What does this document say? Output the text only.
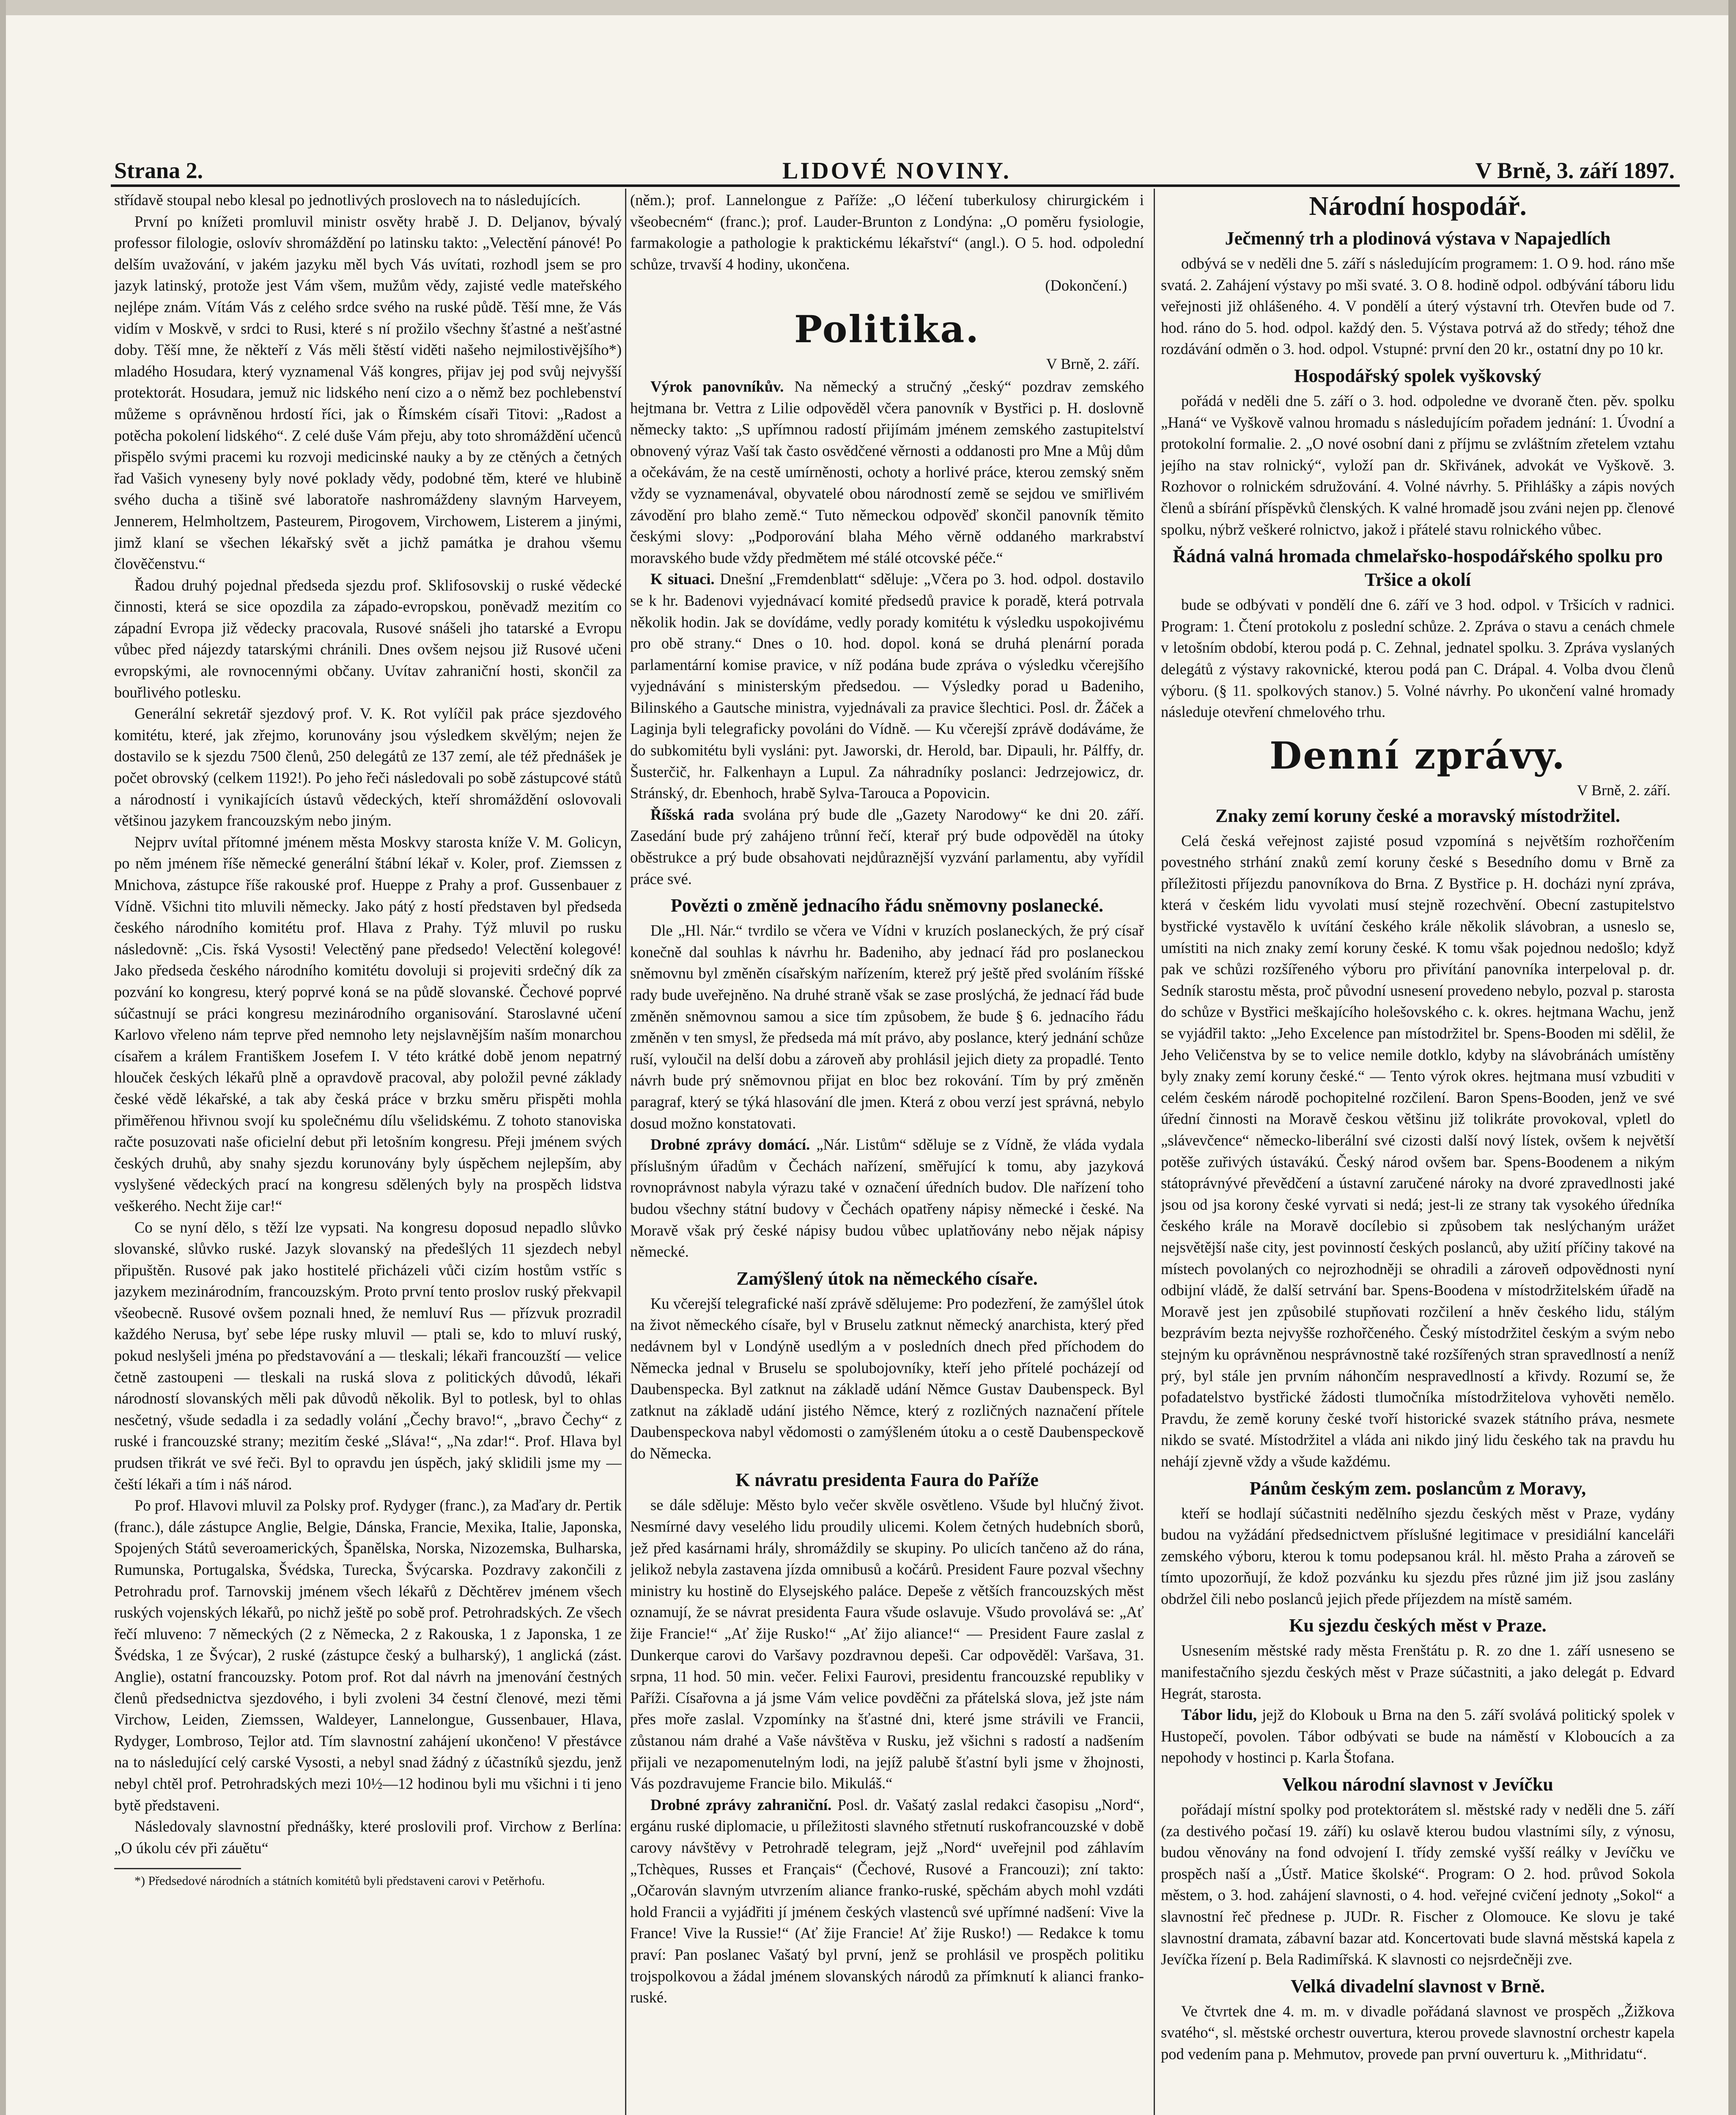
Strana 2.	LIDOVÉ NOVINY.	V Brně, 3. září 1897.

střídavě stoupal nebo klesal po jednotlivých proslovech na to následujících.

První po knížeti promluvil ministr osvěty hrabě J. D. Deljanov, bývalý professor filologie, oslovív shromáždění po latinsku takto: „Velectění pánové! Po delším uvažování, v jakém jazyku měl bych Vás uvítati, rozhodl jsem se pro jazyk latinský, protože jest Vám všem, mužům vědy, zajisté vedle mateřského nejlépe znám. Vítám Vás z celého srdce svého na ruské půdě. Těší mne, že Vás vidím v Moskvě, v srdci to Rusi, které s ní prožilo všechny šťastné a nešťastné doby. Těší mne, že někteří z Vás měli štěstí viděti našeho nejmilostivějšího*) mladého Hosudara, který vyznamenal Váš kongres, přijav jej pod svůj nejvyšší protektorát. Hosudara, jemuž nic lidského není cizo a o němž bez pochlebenství můžeme s oprávněnou hrdostí říci, jak o Římském císaři Titovi: „Radost a potěcha pokolení lidského“. Z celé duše Vám přeju, aby toto shromáždění učenců přispělo svými pracemi ku rozvoji medicinské nauky a by ze ctěných a četných řad Vašich vyneseny byly nové poklady vědy, podobné těm, které ve hlubině svého ducha a tišině své laboratoře nashromáždeny slavným Harveyem, Jennerem, Helmholtzem, Pasteurem, Pirogovem, Virchowem, Listerem a jinými, jimž klaní se všechen lékařský svět a jichž památka je drahou všemu člověčenstvu.“

Řadou druhý pojednal předseda sjezdu prof. Sklifosovskij o ruské vědecké činnosti, která se sice opozdila za západo-evropskou, poněvadž mezitím co západní Evropa již vědecky pracovala, Rusové snášeli jho tatarské a Evropu vůbec před nájezdy tatarskými chránili. Dnes ovšem nejsou již Rusové učeni evropskými, ale rovnocennými občany. Uvítav zahraniční hosti, skončil za bouřlivého potlesku.

Generální sekretář sjezdový prof. V. K. Rot vylíčil pak práce sjezdového komitétu, které, jak zřejmo, korunovány jsou výsledkem skvělým; nejen že dostavilo se k sjezdu 7500 členů, 250 delegátů ze 137 zemí, ale též přednášek je počet obrovský (celkem 1192!). Po jeho řeči následovali po sobě zástupcové států a národností i vynikajících ústavů vědeckých, kteří shromáždění oslovovali většinou jazykem francouzským nebo jiným.

Nejprv uvítal přítomné jménem města Moskvy starosta kníže V. M. Golicyn, po něm jménem říše německé generální štábní lékař v. Koler, prof. Ziemssen z Mnichova, zástupce říše rakouské prof. Hueppe z Prahy a prof. Gussenbauer z Vídně. Všichni tito mluvili německy. Jako pátý z hostí představen byl předseda českého národního komitétu prof. Hlava z Prahy. Týž mluvil po rusku následovně: „Cis. řská Vysosti! Velectěný pane předsedo! Velectění kolegové! Jako předseda českého národního komitétu dovoluji si projeviti srdečný dík za pozvání ko kongresu, který poprvé koná se na půdě slovanské. Čechové poprvé súčastnují se práci kongresu mezinárodního organisování. Staroslavné učení Karlovo vřeleno nám teprve před nemnoho lety nejslavnějším naším monarchou císařem a králem Františkem Josefem I. V této krátké době jenom nepatrný hlouček českých lékařů plně a opravdově pracoval, aby položil pevné základy české vědě lékařské, a tak aby česká práce v brzku směru přispěti mohla přiměřenou hřivnou svojí ku společnému dílu všelidskému. Z tohoto stanoviska račte posuzovati naše oficielní debut při letošním kongresu. Přeji jménem svých českých druhů, aby snahy sjezdu korunovány byly úspěchem nejlepším, aby vyslyšené vědeckých prací na kongresu sdělených byly na prospěch lidstva veškerého. Necht žije car!“

Co se nyní dělo, s těží lze vypsati. Na kongresu doposud nepadlo slůvko slovanské, slůvko ruské. Jazyk slovanský na předešlých 11 sjezdech nebyl připuštěn. Rusové pak jako hostitelé přicházeli vůči cizím hostům vstříc s jazykem mezinárodním, francouzským. Proto první tento proslov ruský překvapil všeobecně. Rusové ovšem poznali hned, že nemluví Rus — přízvuk prozradil každého Nerusa, byť sebe lépe rusky mluvil — ptali se, kdo to mluví ruský, pokud neslyšeli jména po představování a — tleskali; lékaři francouzští — velice četně zastoupeni — tleskali na ruská slova z politických důvodů, lékaři národností slovanských měli pak důvodů několik. Byl to potlesk, byl to ohlas nesčetný, všude sedadla i za sedadly volání „Čechy bravo!“, „bravo Čechy“ z ruské i francouzské strany; mezitím české „Sláva!“, „Na zdar!“. Prof. Hlava byl prudsen třikrát ve své řeči. Byl to opravdu jen úspěch, jaký sklidili jsme my — čeští lékaři a tím i náš národ.

Po prof. Hlavovi mluvil za Polsky prof. Rydyger (franc.), za Maďary dr. Pertik (franc.), dále zástupce Anglie, Belgie, Dánska, Francie, Mexika, Italie, Japonska, Spojených Států severoamerických, Španělska, Norska, Nizozemska, Bulharska, Rumunska, Portugalska, Švédska, Turecka, Švýcarska. Pozdravy zakončili z Petrohradu prof. Tarnovskij jménem všech lékařů z Děchtěrev jménem všech ruských vojenských lékařů, po nichž ještě po sobě prof. Petrohradských. Ze všech řečí mluveno: 7 německých (2 z Německa, 2 z Rakouska, 1 z Japonska, 1 ze Švédska, 1 ze Švýcar), 2 ruské (zástupce český a bulharský), 1 anglická (zást. Anglie), ostatní francouzsky. Potom prof. Rot dal návrh na jmenování čestných členů předsednictva sjezdového, i byli zvoleni 34 čestní členové, mezi těmi Virchow, Leiden, Ziemssen, Waldeyer, Lannelongue, Gussenbauer, Hlava, Rydyger, Lombroso, Tejlor atd. Tím slavnostní zahájení ukončeno! V přestávce na to následující celý carské Vysosti, a nebyl snad žádný z účastníků sjezdu, jenž nebyl chtěl prof. Petrohradských mezi 10½—12 hodinou byli mu všichni i ti jeno bytě představeni.

Následovaly slavnostní přednášky, které proslovili prof. Virchow z Berlína: „O úkolu cév při záuětu“

*) Předsedové národních a státních komitétů byli představeni carovi v Petěrhofu.

(něm.); prof. Lannelongue z Paříže: „O léčení tuberkulosy chirurgickém i všeobecném“ (franc.); prof. Lauder-Brunton z Londýna: „O poměru fysiologie, farmakologie a pathologie k praktickému lékařství“ (angl.). O 5. hod. odpolední schůze, trvavší 4 hodiny, ukončena.

(Dokončení.)

Politika.
V Brně, 2. září.

Výrok panovníkův. Na německý a stručný „český“ pozdrav zemského hejtmana br. Vettra z Lilie odpověděl včera panovník v Bystřici p. H. doslovně německy takto: „S upřímnou radostí přijímám jménem zemského zastupitelství obnovený výraz Vaší tak často osvědčené věrnosti a oddanosti pro Mne a Můj dům a očekávám, že na cestě umírněnosti, ochoty a horlivé práce, kterou zemský sněm vždy se vyznamenával, obyvatelé obou národností země se sejdou ve smiřlivém závodění pro blaho země.“ Tuto německou odpověď skončil panovník těmito českými slovy: „Podporování blaha Mého věrně oddaného markrabství moravského bude vždy předmětem mé stálé otcovské péče.“

K situaci. Dnešní „Fremdenblatt“ sděluje: „Včera po 3. hod. odpol. dostavilo se k hr. Badenovi vyjednávací komité předsedů pravice k poradě, která potrvala několik hodin. Jak se dovídáme, vedly porady komitétu k výsledku uspokojivému pro obě strany.“ Dnes o 10. hod. dopol. koná se druhá plenární porada parlamentární komise pravice, v níž podána bude zpráva o výsledku včerejšího vyjednávání s ministerským předsedou. — Výsledky porad u Badeniho, Bilinského a Gautsche ministra, vyjednávali za pravice šlechtici. Posl. dr. Žáček a Laginja byli telegraficky povoláni do Vídně. — Ku včerejší zprávě dodáváme, že do subkomitétu byli vysláni: pyt. Jaworski, dr. Herold, bar. Dipauli, hr. Pálffy, dr. Šusterčič, hr. Falkenhayn a Lupul. Za náhradníky poslanci: Jedrzejowicz, dr. Stránský, dr. Ebenhoch, hrabě Sylva-Tarouca a Popovicin.

Říšská rada svolána prý bude dle „Gazety Narodowy“ ke dni 20. září. Zasedání bude prý zahájeno trůnní řečí, kterař prý bude odpověděl na útoky oběstrukce a prý bude obsahovati nejdůraznější vyzvání parlamentu, aby vyřídil práce své.

Povězti o změně jednacího řádu sněmovny poslanecké.

Dle „Hl. Nár.“ tvrdilo se včera ve Vídni v kruzích poslaneckých, že prý císař konečně dal souhlas k návrhu hr. Badeniho, aby jednací řád pro poslaneckou sněmovnu byl změněn císařským nařízením, kterež prý ještě před svoláním říšské rady bude uveřejněno. Na druhé straně však se zase proslýchá, že jednací řád bude změněn sněmovnou samou a sice tím způsobem, že bude § 6. jednacího řádu změněn v ten smysl, že předseda má mít právo, aby poslance, který jednání schůze ruší, vyloučil na delší dobu a zároveň aby prohlásil jejich diety za propadlé. Tento návrh bude prý sněmovnou přijat en bloc bez rokování. Tím by prý změněn paragraf, který se týká hlasování dle jmen. Která z obou verzí jest správná, nebylo dosud možno konstatovati.

Drobné zprávy domácí. „Nár. Listům“ sděluje se z Vídně, že vláda vydala příslušným úřadům v Čechách nařízení, směřující k tomu, aby jazyková rovnoprávnost nabyla výrazu také v označení úředních budov. Dle nařízení toho budou všechny státní budovy v Čechách opatřeny nápisy německé i české. Na Moravě však prý české nápisy budou vůbec uplatňovány nebo nějak nápisy německé.

Zamýšlený útok na německého císaře.

Ku včerejší telegrafické naší zprávě sdělujeme: Pro podezření, že zamýšlel útok na život německého císaře, byl v Bruselu zatknut německý anarchista, který před nedávnem byl v Londýně usedlým a v posledních dnech před příchodem do Německa jednal v Bruselu se spolubojovníky, kteří jeho přítelé pocházejí od Daubenspecka. Byl zatknut na základě udání Němce Gustav Daubenspeck. Byl zatknut na základě udání jistého Němce, který z rozličných naznačení přítele Daubenspeckova nabyl vědomosti o zamýšleném útoku a o cestě Daubenspeckově do Německa.

K návratu presidenta Faura do Paříže

se dále sděluje: Město bylo večer skvěle osvětleno. Všude byl hlučný život. Nesmírné davy veselého lidu proudily ulicemi. Kolem četných hudebních sborů, jež před kasárnami hrály, shromáždily se skupiny. Po ulicích tančeno až do rána, jelikož nebyla zastavena jízda omnibusů a kočárů. President Faure pozval všechny ministry ku hostině do Elysejského paláce. Depeše z větších francouzských měst oznamují, že se návrat presidenta Faura všude oslavuje. Všudo provolává se: „Ať žije Francie!“ „Ať žije Rusko!“ „Ať žijo aliance!“ — President Faure zaslal z Dunkerque carovi do Varšavy pozdravnou depeši. Car odpověděl: Varšava, 31. srpna, 11 hod. 50 min. večer. Felixi Faurovi, presidentu francouzské republiky v Paříži. Císařovna a já jsme Vám velice povděčni za přátelská slova, jež jste nám přes moře zaslal. Vzpomínky na šťastné dni, které jsme strávili ve Francii, zůstanou nám drahé a Vaše návštěva v Rusku, jež všichni s radostí a nadšením přijali ve nezapomenutelným lodi, na jejíž palubě šťastní byli jsme v žhojnosti, Vás pozdravujeme Francie bilo. Mikuláš.“

Drobné zprávy zahraniční. Posl. dr. Vašatý zaslal redakci časopisu „Nord“, ergánu ruské diplomacie, u příležitosti slavného střetnutí ruskofrancouzské v době carovy návštěvy v Petrohradě telegram, jejž „Nord“ uveřejnil pod záhlavím „Tchèques, Russes et Français“ (Čechové, Rusové a Francouzi); zní takto: „Očarován slavným utvrzením aliance franko-ruské, spěchám abych mohl vzdáti hold Francii a vyjádřiti jí jménem českých vlastenců své upřímné nadšení: Vive la France! Vive la Russie!“ (Ať žije Francie! Ať žije Rusko!) — Redakce k tomu praví: Pan poslanec Vašatý byl první, jenž se prohlásil ve prospěch politiku trojspolkovou a žádal jménem slovanských národů za přímknutí k alianci franko-ruské.

Národní hospodář.
Ječmenný trh a plodinová výstava v Napajedlích

odbývá se v neděli dne 5. září s následujícím programem: 1. O 9. hod. ráno mše svatá. 2. Zahájení výstavy po mši svaté. 3. O 8. hodině odpol. odbývání táboru lidu veřejnosti již ohlášeného. 4. V pondělí a úterý výstavní trh. Otevřen bude od 7. hod. ráno do 5. hod. odpol. každý den. 5. Výstava potrvá až do středy; téhož dne rozdávání odměn o 3. hod. odpol. Vstupné: první den 20 kr., ostatní dny po 10 kr.

Hospodářský spolek vyškovský

pořádá v neděli dne 5. září o 3. hod. odpoledne ve dvoraně čten. pěv. spolku „Haná“ ve Vyškově valnou hromadu s následujícím pořadem jednání: 1. Úvodní a protokolní formalie. 2. „O nové osobní dani z příjmu se zvláštním zřetelem vztahu jejího na stav rolnický“, vyloží pan dr. Skřivánek, advokát ve Vyškově. 3. Rozhovor o rolnickém sdružování. 4. Volné návrhy. 5. Přihlášky a zápis nových členů a sbírání příspěvků členských. K valné hromadě jsou zváni nejen pp. členové spolku, nýbrž veškeré rolnictvo, jakož i přátelé stavu rolnického vůbec.

Řádná valná hromada chmelařsko-hospodářského spolku pro Tršice a okolí

bude se odbývati v pondělí dne 6. září ve 3 hod. odpol. v Tršicích v radnici. Program: 1. Čtení protokolu z poslední schůze. 2. Zpráva o stavu a cenách chmele v letošním období, kterou podá p. C. Zehnal, jednatel spolku. 3. Zpráva vyslaných delegátů z výstavy rakovnické, kterou podá pan C. Drápal. 4. Volba dvou členů výboru. (§ 11. spolkových stanov.) 5. Volné návrhy. Po ukončení valné hromady následuje otevření chmelového trhu.

Denní zprávy.
V Brně, 2. září.
Znaky zemí koruny české a moravský místodržitel.

Celá česká veřejnost zajisté posud vzpomíná s největším rozhořčením povestného strhání znaků zemí koruny české s Besedního domu v Brně za příležitosti příjezdu panovníkova do Brna. Z Bystřice p. H. docházi nyní zpráva, která v českém lidu vyvolati musí stejně rozechvění. Obecní zastupitelstvo bystřické vystavělo k uvítání českého krále několik slávobran, a usneslo se, umístiti na nich znaky zemí koruny české. K tomu však pojednou nedošlo; když pak ve schůzi rozšířeného výboru pro přivítání panovníka interpeloval p. dr. Sedník starostu města, proč původní usnesení provedeno nebylo, pozval p. starosta do schůze v Bystřici meškajícího holešovského c. k. okres. hejtmana Wachu, jenž se vyjádřil takto: „Jeho Excelence pan místodržitel br. Spens-Booden mi sdělil, že Jeho Veličenstva by se to velice nemile dotklo, kdyby na slávobránách umístěny byly znaky zemí koruny české.“ — Tento výrok okres. hejtmana musí vzbuditi v celém českém národě pochopitelné rozčilení. Baron Spens-Booden, jenž ve své úřední činnosti na Moravě českou většinu již tolikráte provokoval, vpletl do „slávevčence“ německo-liberální své cizosti další nový lístek, ovšem k největší potěše zuřivých ústavákú. Český národ ovšem bar. Spens-Boodenem a nikým státoprávnývé převědčení a ústavní zaručené nároky na dvoré zpravedlnosti jaké jsou od jsa korony české vyrvati si nedá; jest-li ze strany tak vysokého úředníka českého krále na Moravě docílebio si způsobem tak neslýchaným urážet nejsvětější naše city, jest povinností českých poslanců, aby užití příčiny takové na místech povolaných co nejrozhodněji se ohradili a zároveň odpovědnosti nyní odbijní vládě, že další setrvání bar. Spens-Boodena v místodržitelském úřadě na Moravě jest jen způsobilé stupňovati rozčilení a hněv českého lidu, stálým bezprávím bezta nejvyšše rozhořčeného. Český místodržitel českým a svým nebo stejným ku oprávněnou nesprávnostně také rozšířených stran spravedlností a neníž prý, byl stále jen prvním náhončím nespravedlností a křivdy. Rozumí se, že pofadatelstvo bystřické žádosti tlumočníka místodržitelova vyhověti nemělo. Pravdu, že země koruny české tvoří historické svazek státního práva, nesmete nikdo se svaté. Místodržitel a vláda ani nikdo jiný lidu českého tak na pravdu hu nehájí zjevně vždy a všude každému.

Pánům českým zem. poslancům z Moravy,

kteří se hodlají súčastniti nedělního sjezdu českých měst v Praze, vydány budou na vyžádání předsednictvem příslušné legitimace v presidiální kanceláři zemského výboru, kterou k tomu podepsanou král. hl. město Praha a zároveň se tímto upozorňují, že kdož pozvánku ku sjezdu přes různé jim již jsou zaslány obdržel čili nebo poslanců jejich přede příjezdem na místě samém.

Ku sjezdu českých měst v Praze.

Usnesením městské rady města Frenštátu p. R. zo dne 1. září usneseno se manifestačního sjezdu českých měst v Praze súčastniti, a jako delegát p. Edvard Hegrát, starosta.

Tábor lidu, jejž do Klobouk u Brna na den 5. září svolává politický spolek v Hustopečí, povolen. Tábor odbývati se bude na náměstí v Kloboucích a za nepohody v hostinci p. Karla Štofana.

Velkou národní slavnost v Jevíčku

pořádají místní spolky pod protektorátem sl. městské rady v neděli dne 5. září (za destivého počasí 19. září) ku oslavě kterou budou vlastními síly, z výnosu, budou věnovány na fond odvojení I. třídy zemské vyšší reálky v Jevíčku ve prospěch naší a „Ústř. Matice školské“. Program: O 2. hod. průvod Sokola městem, o 3. hod. zahájení slavnosti, o 4. hod. veřejné cvičení jednoty „Sokol“ a slavnostní řeč přednese p. JUDr. R. Fischer z Olomouce. Ke slovu je také slavnostní dramata, zábavní bazar atd. Koncertovati bude slavná městská kapela z Jevíčka řízení p. Bela Radimířská. K slavnosti co nejsrdečněji zve.

Velká divadelní slavnost v Brně.

Ve čtvrtek dne 4. m. m. v divadle pořádaná slavnost ve prospěch „Žižkova svatého“, sl. městské orchestr ouvertura, kterou provede slavnostní orchestr kapela pod vedením pana p. Mehmutov, provede pan první ouverturu k. „Mithridatu“.
